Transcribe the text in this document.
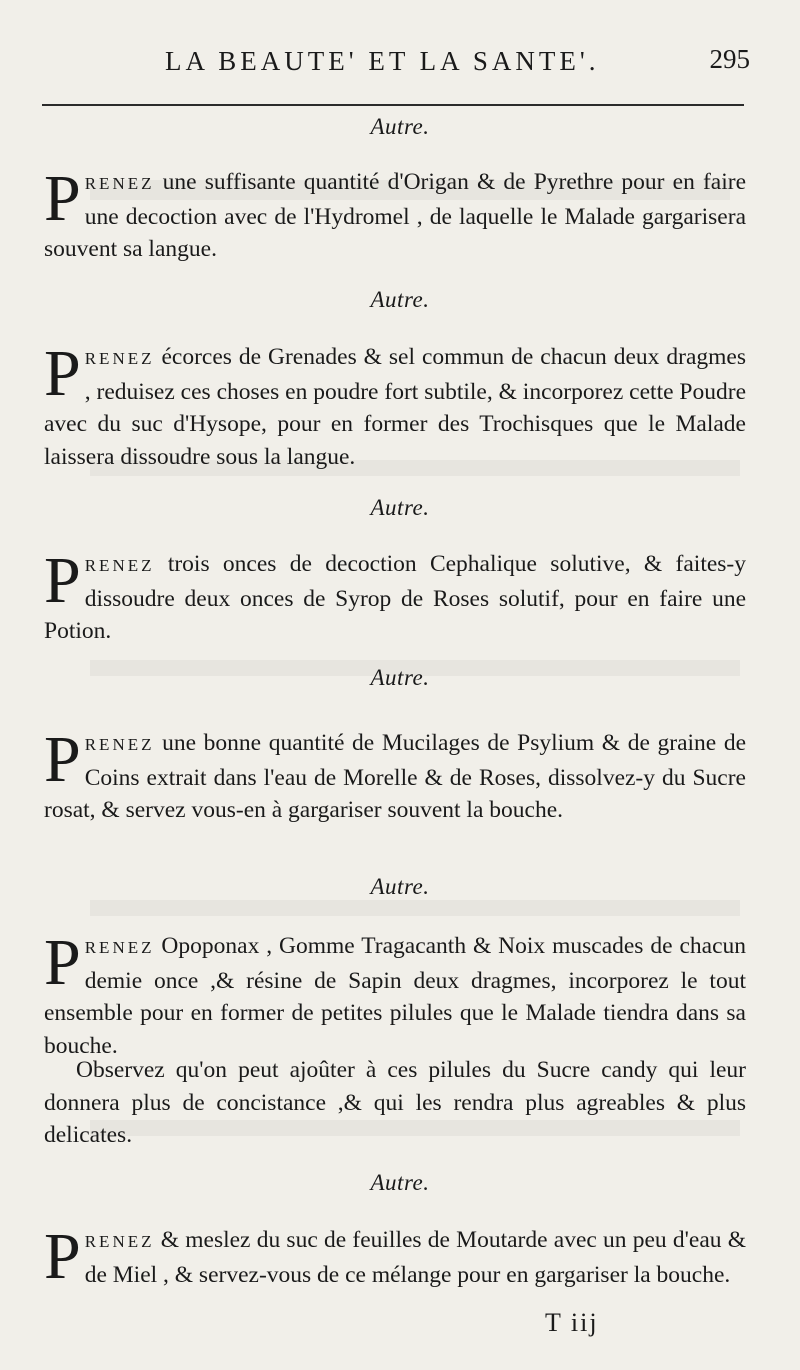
LA BEAUTE' ET LA SANTE'.	295
Autre.
PRENEZ une suffisante quantité d'Origan & de Pyrethre pour en faire une decoction avec de l'Hydromel , de laquelle le Malade gargarisera souvent sa langue.
Autre.
PRENEZ écorces de Grenades & sel commun de chacun deux dragmes , reduisez ces choses en poudre fort subtile, & incorporez cette Poudre avec du suc d'Hysope, pour en former des Trochisques que le Malade laissera dissoudre sous la langue.
Autre.
PRENEZ trois onces de decoction Cephalique solutive, & faites-y dissoudre deux onces de Syrop de Roses solutif, pour en faire une Potion.
Autre.
PRENEZ une bonne quantité de Mucilages de Psylium & de graine de Coins extrait dans l'eau de Morelle & de Roses, dissolvez-y du Sucre rosat, & servez vous-en à gargariser souvent la bouche.
Autre.
PRENEZ Opoponax , Gomme Tragacanth & Noix muscades de chacun demie once ,& résine de Sapin deux dragmes, incorporez le tout ensemble pour en former de petites pilules que le Malade tiendra dans sa bouche.
Observez qu'on peut ajoûter à ces pilules du Sucre candy qui leur donnera plus de concistance ,& qui les rendra plus agreables & plus delicates.
Autre.
PRENEZ & meslez du suc de feuilles de Moutarde avec un peu d'eau & de Miel , & servez-vous de ce mélange pour en gargariser la bouche.
T iij
